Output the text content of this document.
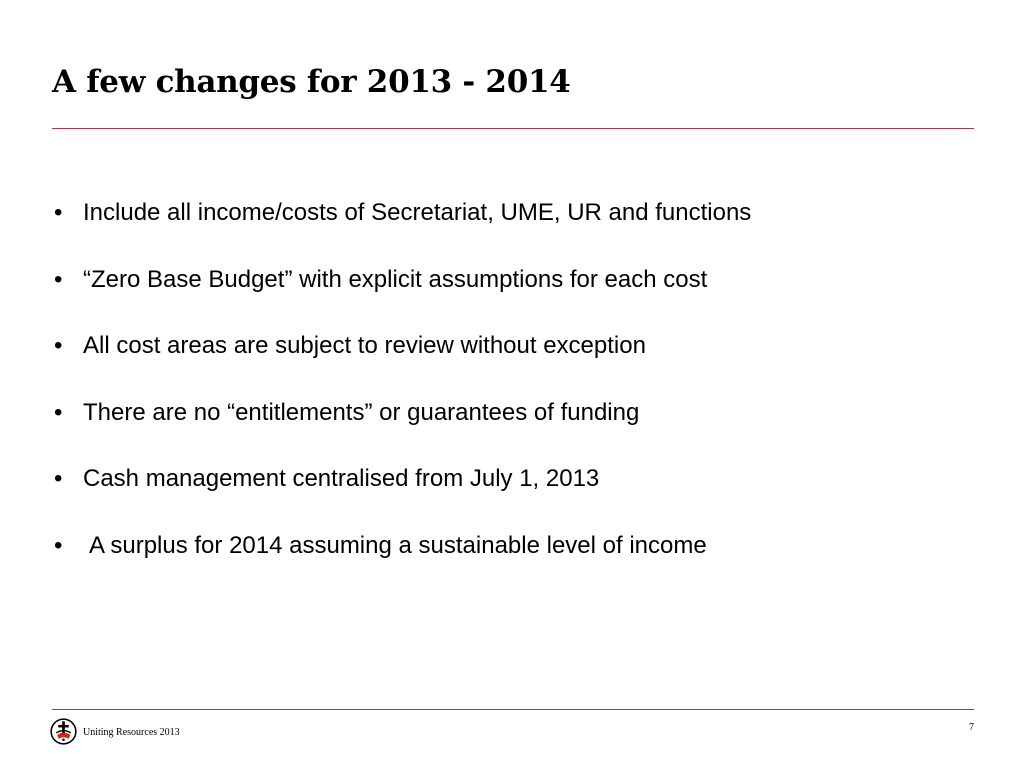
A few changes for 2013 - 2014
• Include all income/costs of Secretariat, UME, UR and functions
• “Zero Base Budget” with explicit assumptions for each cost
• All cost areas are subject to review without exception
• There are no “entitlements” or guarantees of funding
• Cash management centralised from July 1, 2013
• A surplus for 2014 assuming a sustainable level of income
Uniting Resources 2013	7
